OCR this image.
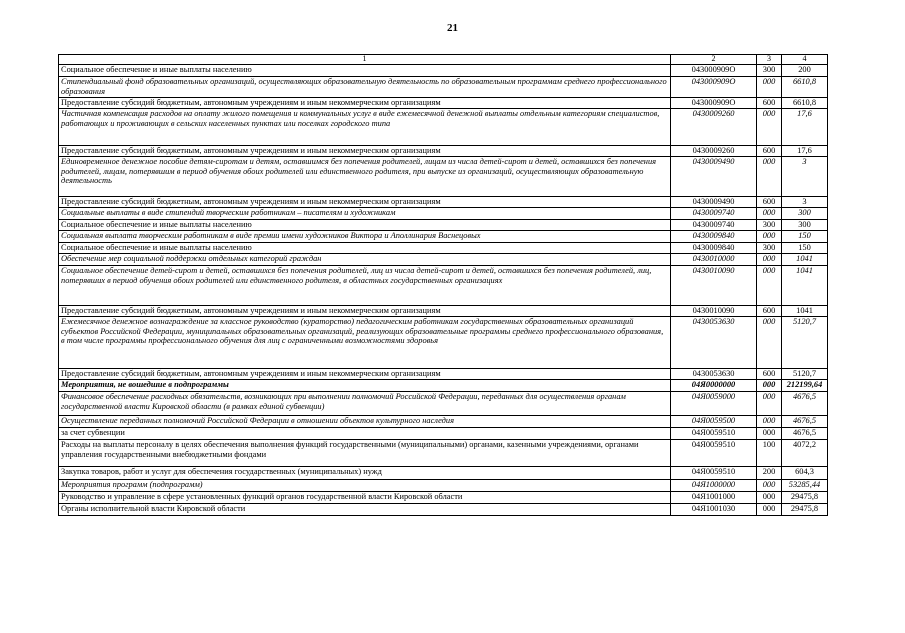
21
1	2	3	4
Социальное обеспечение и иные выплаты населению	043000909О	300	200
Стипендиальный фонд образовательных организаций, осуществляющих образовательную деятельность по образовательным программам среднего профессионального образования	043000909О	000	6610,8
Предоставление субсидий бюджетным, автономным учреждениям и иным некоммерческим организациям	043000909О	600	6610,8
Частичная компенсация расходов на оплату жилого помещения и коммунальных услуг в виде ежемесячной денежной выплаты отдельным категориям специалистов, работающих и проживающих в сельских населенных пунктах или поселках городского типа	0430009260	000	17,6
Предоставление субсидий бюджетным, автономным учреждениям и иным некоммерческим организациям	0430009260	600	17,6
Единовременное денежное пособие детям-сиротам и детям, оставшимся без попечения родителей, лицам из числа детей-сирот и детей, оставшихся без попечения родителей, лицам, потерявшим в период обучения обоих родителей или единственного родителя, при выпуске из организаций, осуществляющих образовательную деятельность	0430009490	000	3
Предоставление субсидий бюджетным, автономным учреждениям и иным некоммерческим организациям	0430009490	600	3
Социальные выплаты в виде стипендий творческим работникам – писателям и художникам	0430009740	000	300
Социальное обеспечение и иные выплаты населению	0430009740	300	300
Социальная выплата творческим работникам в виде премии имени художников Виктора и Аполлинария Васнецовых	0430009840	000	150
Социальное обеспечение и иные выплаты населению	0430009840	300	150
Обеспечение мер социальной поддержки отдельных категорий граждан	0430010000	000	1041
Социальное обеспечение детей-сирот и детей, оставшихся без попечения родителей, лиц из числа детей-сирот и детей, оставшихся без попечения родителей, лиц, потерявших в период обучения обоих родителей или единственного родителя, в областных государственных организациях	0430010090	000	1041
Предоставление субсидий бюджетным, автономным учреждениям и иным некоммерческим организациям	0430010090	600	1041
Ежемесячное денежное вознаграждение за классное руководство (кураторство) педагогическим работникам государственных образовательных организаций субъектов Российской Федерации, муниципальных образовательных организаций, реализующих образовательные программы среднего профессионального образования, в том числе программы профессионального обучения для лиц с ограниченными возможностями здоровья	0430053630	000	5120,7
Предоставление субсидий бюджетным, автономным учреждениям и иным некоммерческим организациям	0430053630	600	5120,7
Мероприятия, не вошедшие в подпрограммы	04Я0000000	000	212199,64
Финансовое обеспечение расходных обязательств, возникающих при выполнении полномочий Российской Федерации, переданных для осуществления органам государственной власти Кировской области (в рамках единой субвенции)	04Я0059000	000	4676,5
Осуществление переданных полномочий Российской Федерации в отношении объектов культурного наследия	04Я0059500	000	4676,5
за счет субвенции	04Я0059510	000	4676,5
Расходы на выплаты персоналу в целях обеспечения выполнения функций государственными (муниципальными) органами, казенными учреждениями, органами управления государственными внебюджетными фондами	04Я0059510	100	4072,2
Закупка товаров, работ и услуг для обеспечения государственных (муниципальных) нужд	04Я0059510	200	604,3
Мероприятия программ (подпрограмм)	04Я1000000	000	53285,44
Руководство и управление в сфере установленных функций органов государственной власти Кировской области	04Я1001000	000	29475,8
Органы исполнительной власти Кировской области	04Я1001030	000	29475,8
